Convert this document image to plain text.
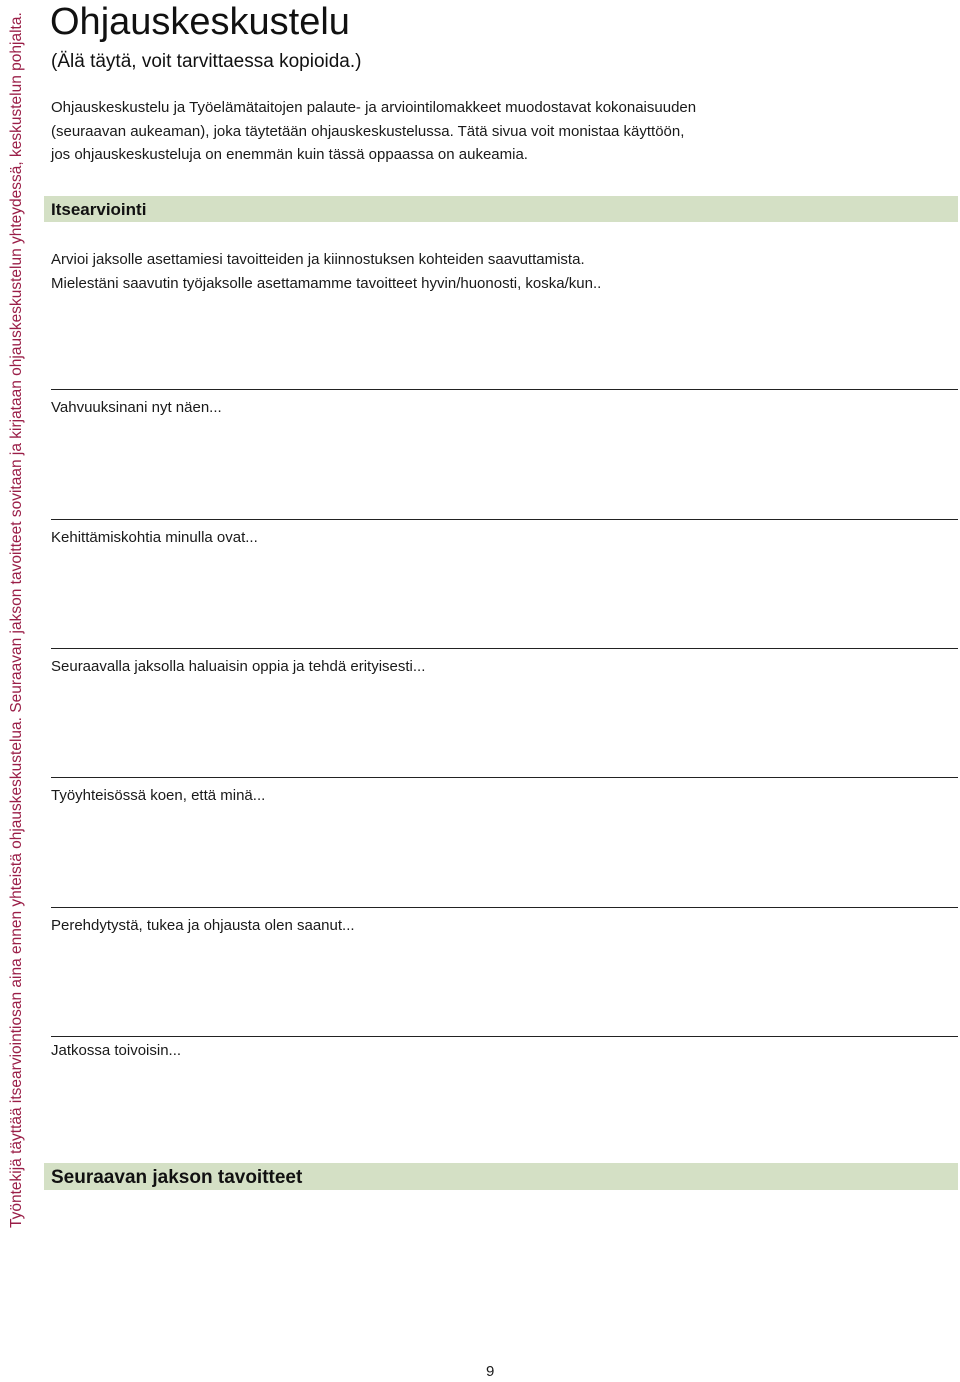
Työntekijä täyttää itsearviointiosan aina ennen yhteistä ohjauskeskustelua. Seuraavan jakson tavoitteet sovitaan ja kirjataan ohjauskeskustelun yhteydessä, keskustelun pohjalta. Ohjauskeskustelu
(Älä täytä, voit tarvittaessa kopioida.)
Ohjauskeskustelu ja Työelämätaitojen palaute- ja arviointilomakkeet muodostavat kokonaisuuden
(seuraavan aukeaman), joka täytetään ohjauskeskustelussa. Tätä sivua voit monistaa käyttöön,
jos ohjauskeskusteluja on enemmän kuin tässä oppaassa on aukeamia.
Itsearviointi
Arvioi jaksolle asettamiesi tavoitteiden ja kiinnostuksen kohteiden saavuttamista.
Mielestäni saavutin työjaksolle asettamamme tavoitteet hyvin/huonosti, koska/kun..
Vahvuuksinani nyt näen...
Kehittämiskohtia minulla ovat...
Seuraavalla jaksolla haluaisin oppia ja tehdä erityisesti...
Työyhteisössä koen, että minä...
Perehdytystä, tukea ja ohjausta olen saanut...
Jatkossa toivoisin...
Seuraavan jakson tavoitteet
9
